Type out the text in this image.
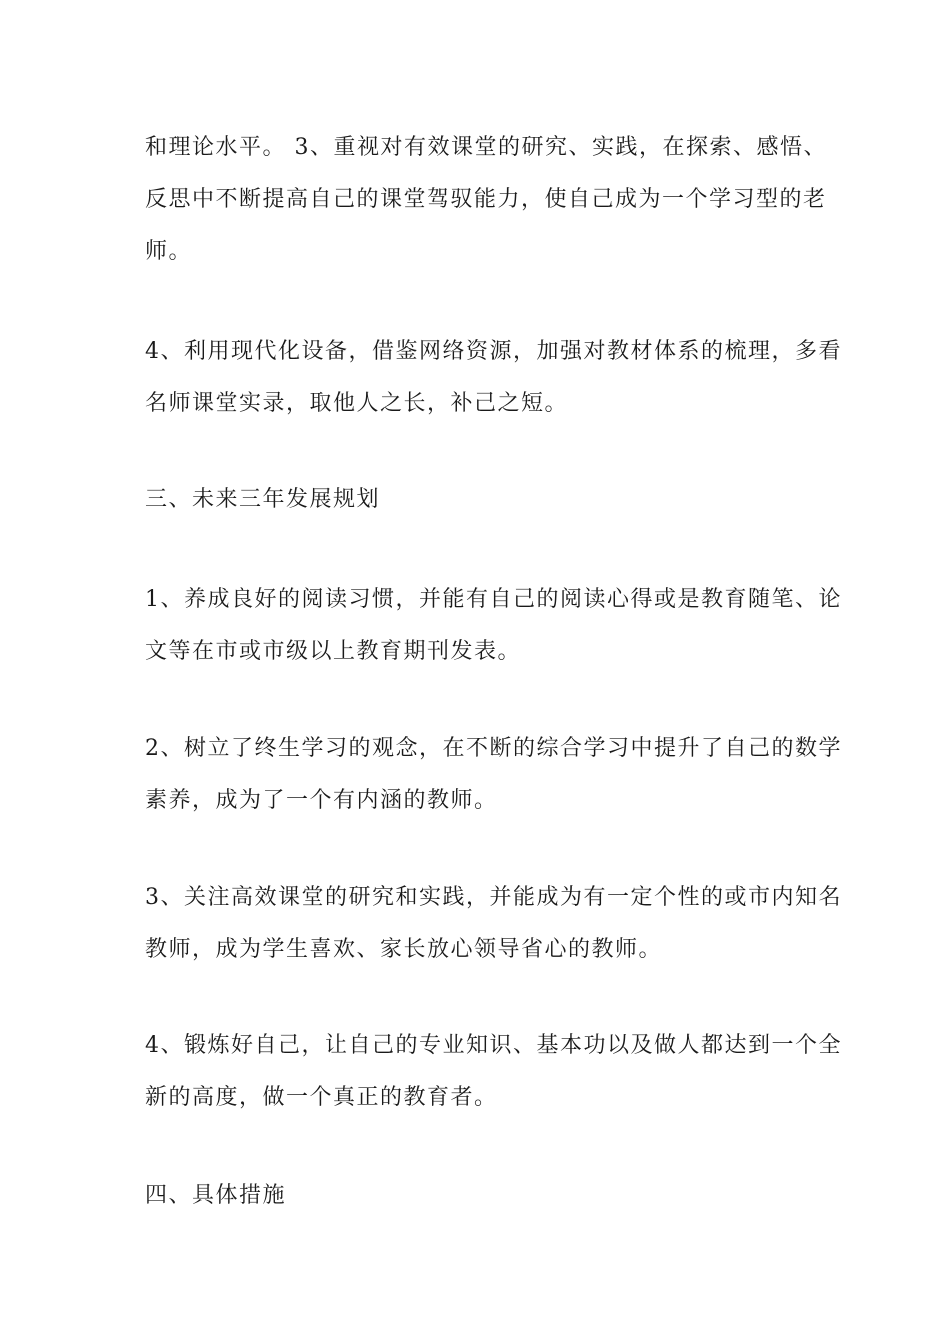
和理论水平。 3、重视对有效课堂的研究、实践，在探索、感悟、
反思中不断提高自己的课堂驾驭能力，使自己成为一个学习型的老
师。

4、利用现代化设备，借鉴网络资源，加强对教材体系的梳理，多看
名师课堂实录，取他人之长，补己之短。

三、未来三年发展规划

1、养成良好的阅读习惯，并能有自己的阅读心得或是教育随笔、论
文等在市或市级以上教育期刊发表。

2、树立了终生学习的观念，在不断的综合学习中提升了自己的数学
素养，成为了一个有内涵的教师。

3、关注高效课堂的研究和实践，并能成为有一定个性的或市内知名
教师，成为学生喜欢、家长放心领导省心的教师。

4、锻炼好自己，让自己的专业知识、基本功以及做人都达到一个全
新的高度，做一个真正的教育者。

四、具体措施
